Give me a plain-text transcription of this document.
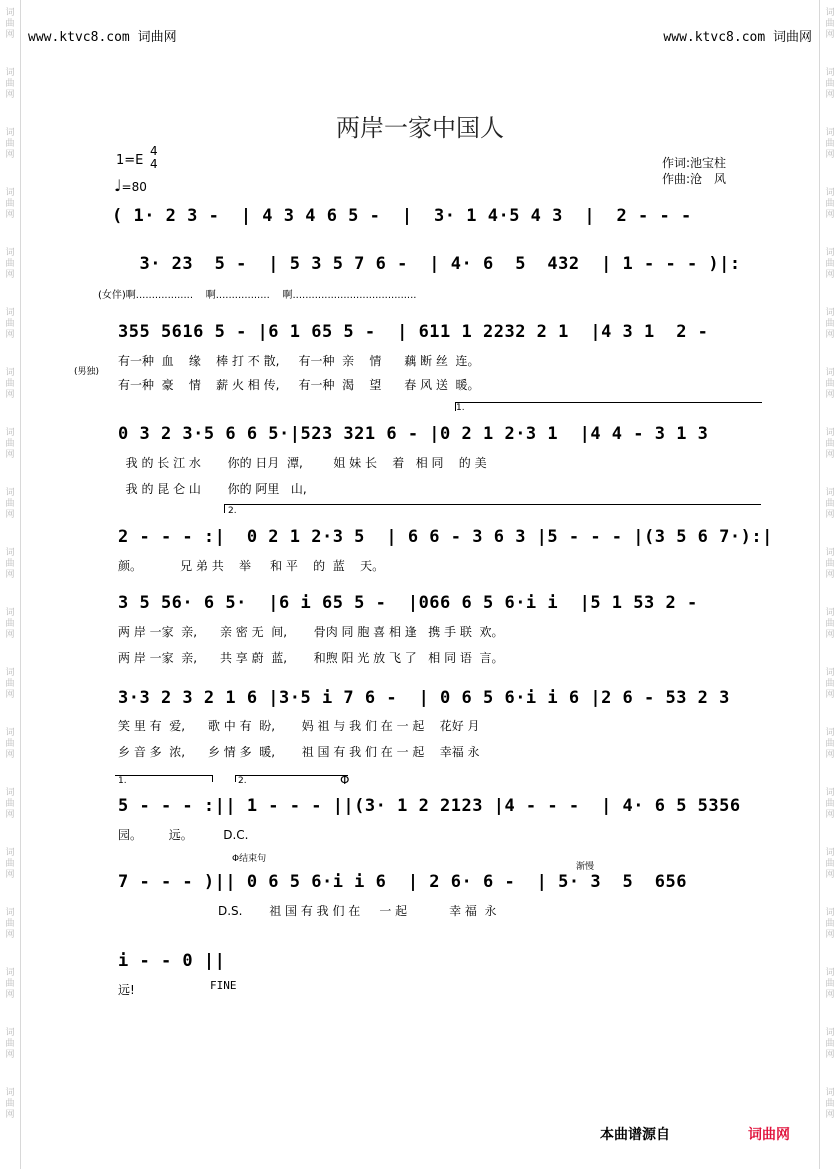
词
曲
网
词
曲
网
词
曲
网
词
曲
网
词
曲
网
词
曲
网
词
曲
网
词
曲
网
词
曲
网
词
曲
网
词
曲
网
词
曲
网
词
曲
网
词
曲
网
词
曲
网
词
曲
网
词
曲
网
词
曲
网
词
曲
网
词
曲
网
词
曲
网
词
曲
网
词
曲
网
词
曲
网
词
曲
网
词
曲
网
词
曲
网
词
曲
网
词
曲
网
词
曲
网
词
曲
网
词
曲
网
词
曲
网
词
曲
网
词
曲
网
词
曲
网
词
曲
网
词
曲
网
www.ktvc8.com 词曲网	www.ktvc8.com 词曲网
两岸一家中国人
1=E
4
4
♩=80
作词:池宝柱
作曲:沧　风
( 1· 2 3 -  | 4 3 4 6 5 -  |  3· 1 4·5 4 3  |  2 - - -
3· 23  5 -  | 5 3 5 7 6 -  | 4· 6  5  432  | 1 - - - )|:
(女伴)啊..................    啊.................    啊.......................................
355 5616 5 - |6 1 65 5 -  | 611 1 2232 2 1  |4 3 1  2 -
有一种  血    缘    棒 打 不 散,     有一种  亲    情      藕 断 丝  连。
(男独)
有一种  豪    情    薪 火 相 传,     有一种  渴    望      春 风 送  暖。
1.
0 3 2 3·5 6 6 5·|523 321 6 - |0 2 1 2·3 1  |4 4 - 3 1 3
我 的 长 江 水       你的 日月  潭,        姐 妹 长    着   相 同    的 美
我 的 昆 仑 山       你的 阿里   山,
2.
2 - - - :|  0 2 1 2·3 5  | 6 6 - 3 6 3 |5 - - - |(3 5 6 7·):|
颜。          兄 弟 共    举     和 平    的  蓝    天。
3 5 56· 6 5·  |6 i 65 5 -  |066 6 5 6·i i  |5 1 53 2 -
两 岸 一家  亲,      亲 密 无  间,       骨肉 同 胞 喜 相 逢   携 手 联  欢。
两 岸 一家  亲,      共 享 蔚  蓝,       和煦 阳 光 放 飞 了   相 同 语  言。
3·3 2 3 2 1 6 |3·5 i 7 6 -  | 0 6 5 6·i i 6 |2 6 - 53 2 3
笑 里 有  爱,      歌 中 有  盼,       妈 祖 与 我 们 在 一 起    花好 月
乡 音 多  浓,      乡 情 多  暖,       祖 国 有 我 们 在 一 起    幸福 永
1.	2.	Φ
5 - - - :|| 1 - - - ||(3· 1 2 2123 |4 - - -  | 4· 6 5 5356
园。       远。        D.C.
Φ结束句
渐慢
7 - - - )|| 0 6 5 6·i i 6  | 2 6· 6 -  | 5· 3  5  656
D.S.       祖 国 有 我 们 在     一 起           幸 福  永
i - - 0 ||
远!	FINE
本曲谱源自	词曲网
